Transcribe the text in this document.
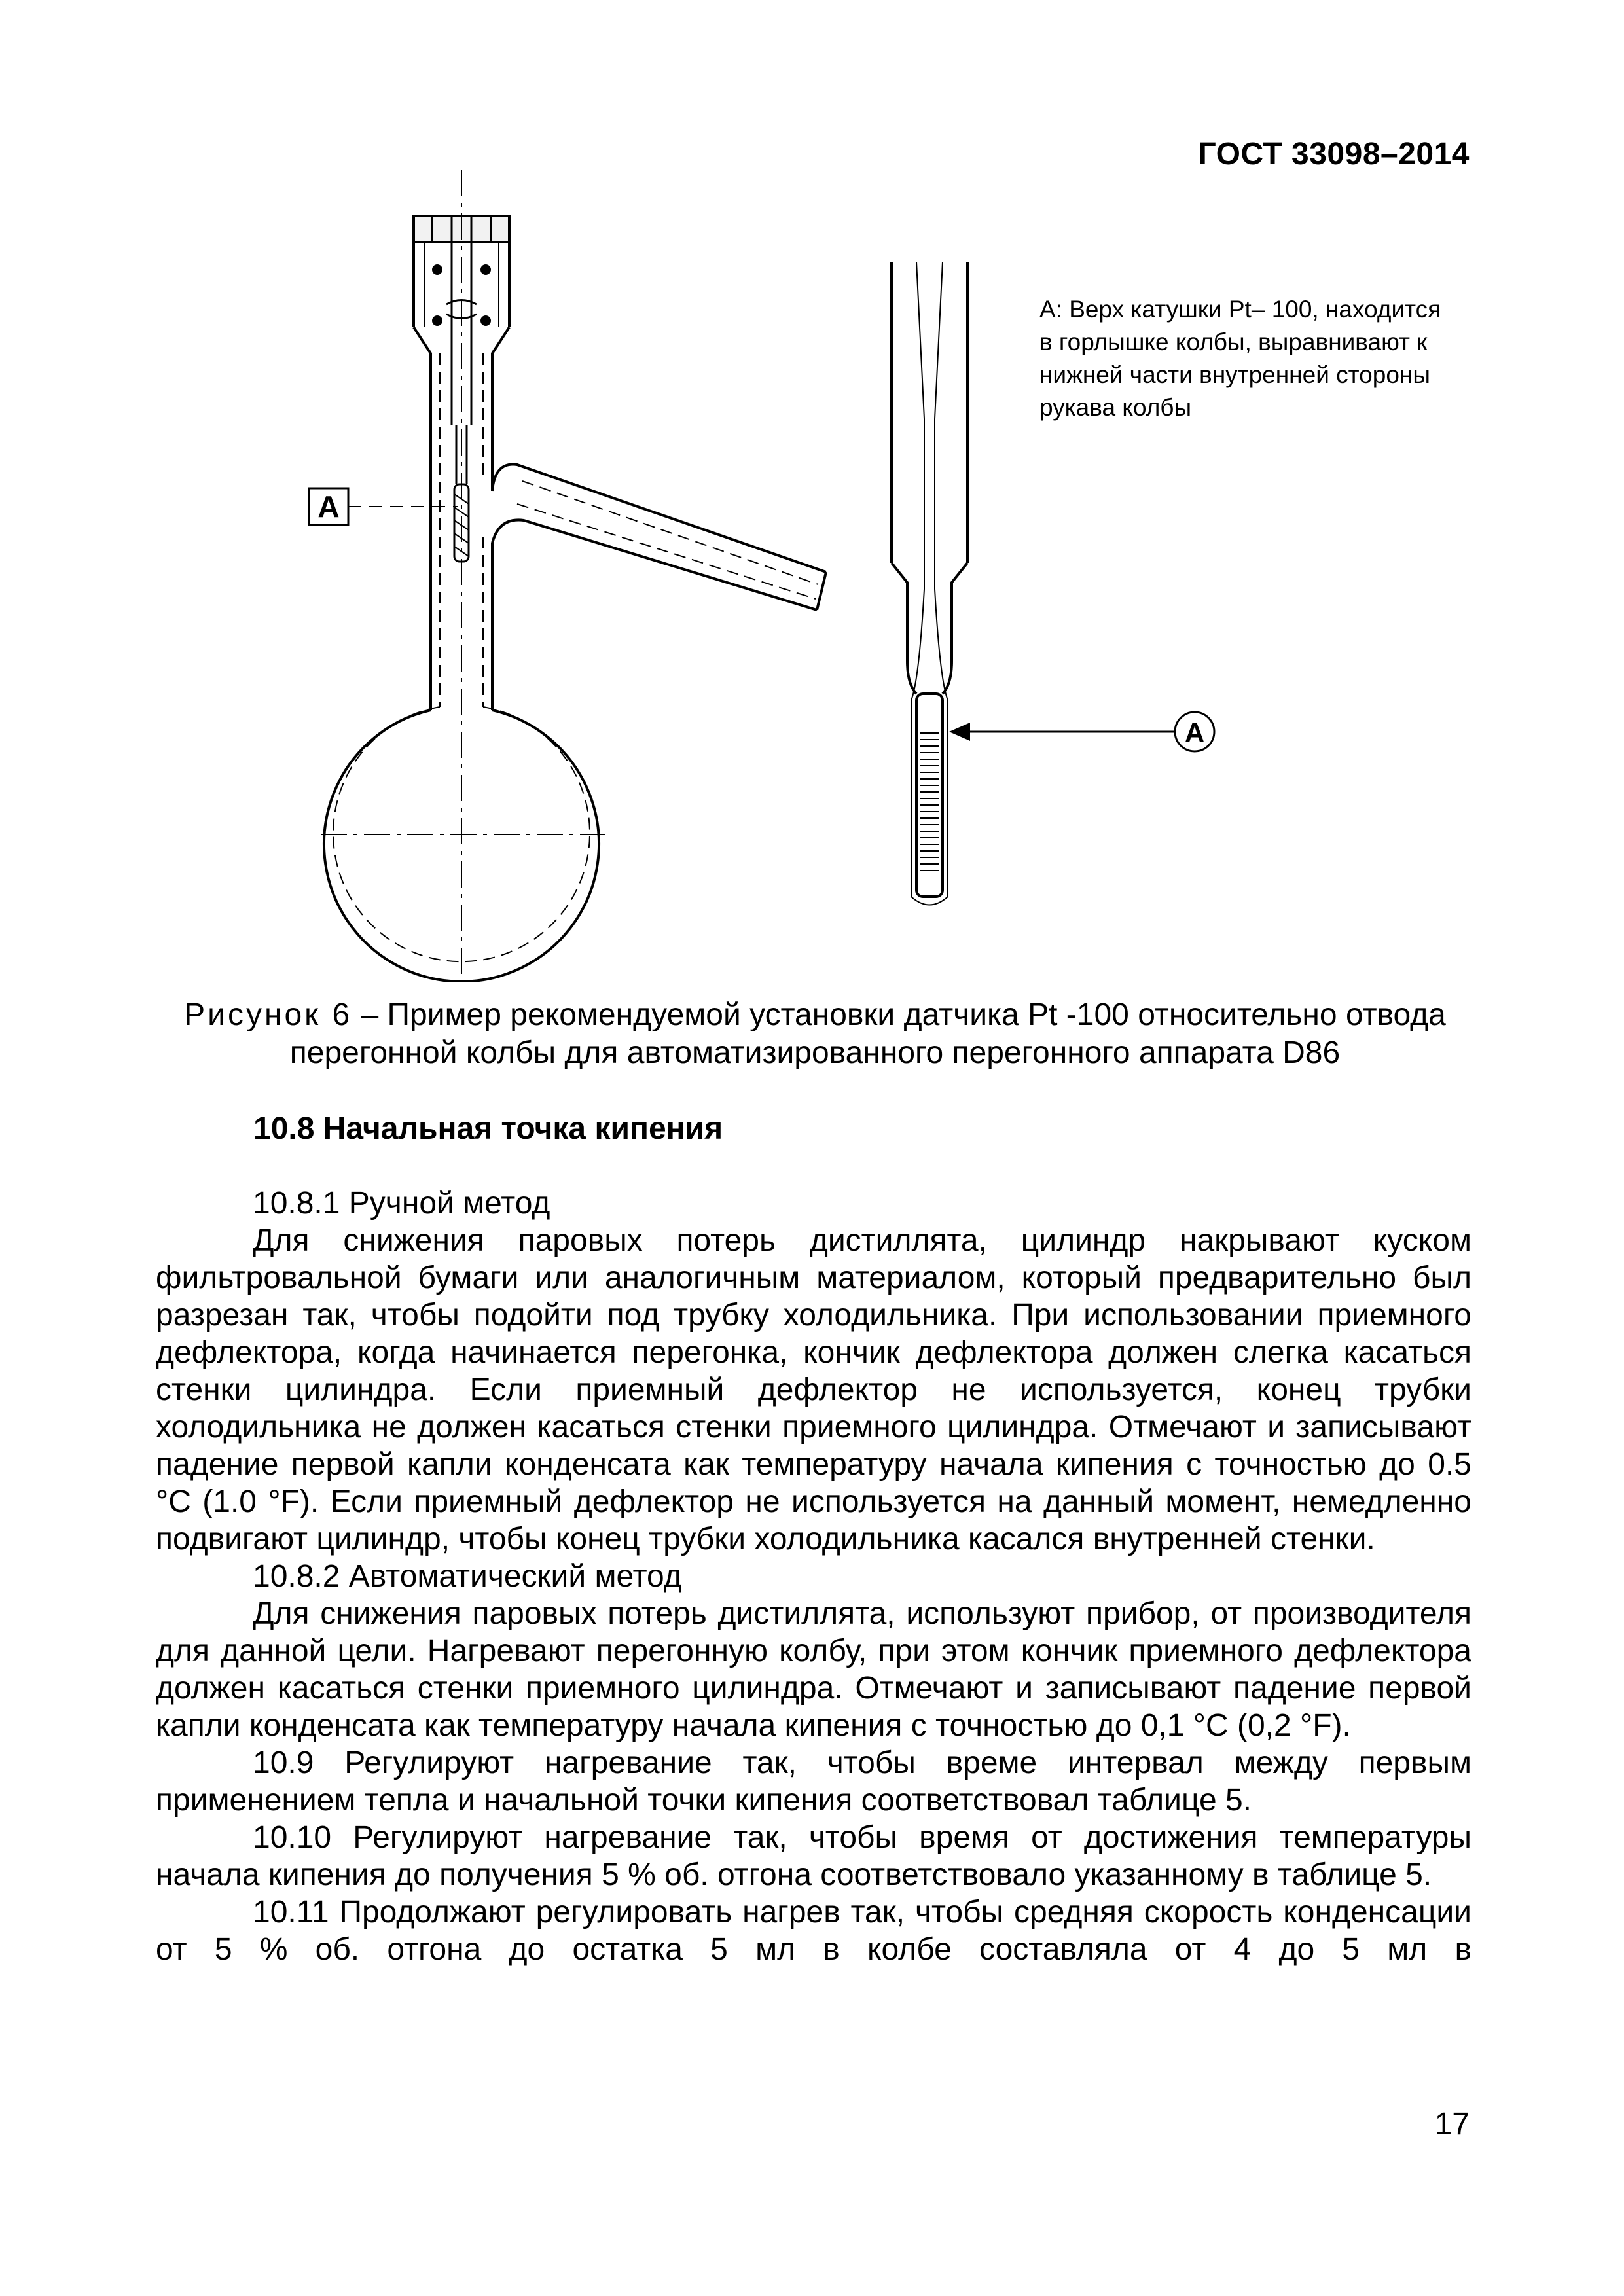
ГОСТ 33098–2014
A
A
А: Верх катушки Pt– 100, находится в горлышке колбы, выравнивают к нижней части внутренней стороны рукава колбы
Рисунок 6 – Пример рекомендуемой установки датчика Pt -100 относительно отвода перегонной колбы для автоматизированного перегонного аппарата D86
10.8 Начальная точка кипения
10.8.1 Ручной метод
Для снижения паровых потерь дистиллята, цилиндр накрывают куском фильтровальной бумаги или аналогичным материалом, который предварительно был разрезан так, чтобы подойти под трубку холодильника. При использовании приемного дефлектора, когда начинается перегонка, кончик дефлектора должен слегка касаться стенки цилиндра. Если приемный дефлектор не используется, конец трубки холодильника не должен касаться стенки приемного цилиндра. Отмечают и записывают падение первой капли конденсата как температуру начала кипения с точностью до 0.5 °C (1.0 °F). Если приемный дефлектор не используется на данный момент, немедленно подвигают цилиндр, чтобы конец трубки холодильника касался внутренней стенки.
10.8.2 Автоматический метод
Для снижения паровых потерь дистиллята, используют прибор, от производителя для данной цели. Нагревают перегонную колбу, при этом кончик приемного дефлектора должен касаться стенки приемного цилиндра. Отмечают и записывают падение первой капли конденсата как температуру начала кипения с точностью до 0,1 °С (0,2 °F).
10.9 Регулируют нагревание так, чтобы време интервал между первым применением тепла и начальной точки кипения соответствовал таблице 5.
10.10 Регулируют нагревание так, чтобы время от достижения температуры начала кипения до получения 5 % об. отгона соответствовало указанному в таблице 5.
10.11 Продолжают регулировать нагрев так, чтобы средняя скорость конденсации от 5 % об. отгона до остатка 5 мл в колбе составляла от 4 до 5 мл в
17
